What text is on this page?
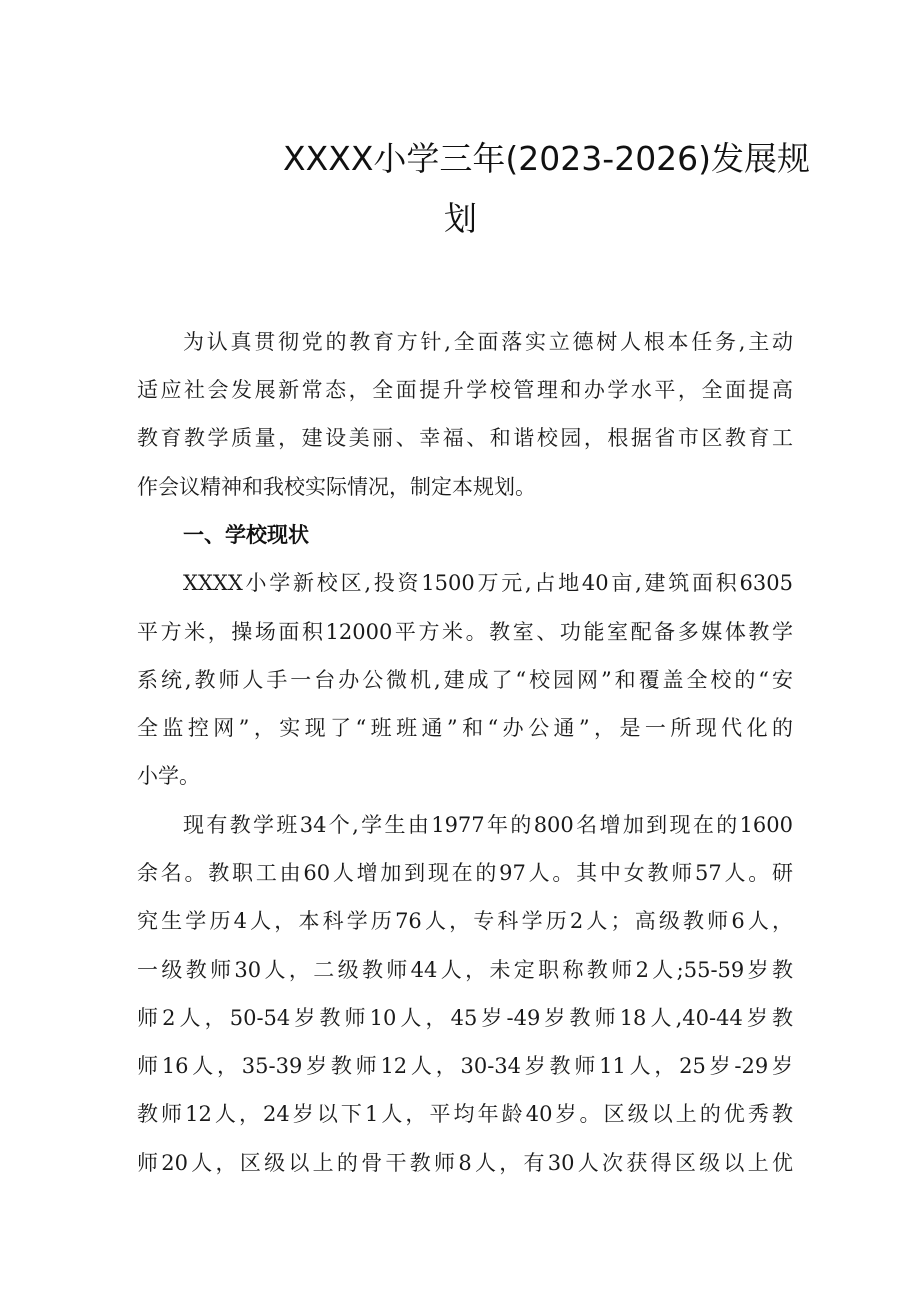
XXXX小学三年(2023-2026)发展规
划
为认真贯彻党的教育方针,全面落实立德树人根本任务,主动
适应社会发展新常态，全面提升学校管理和办学水平，全面提高
教育教学质量，建设美丽、幸福、和谐校园，根据省市区教育工
作会议精神和我校实际情况，制定本规划。
一、学校现状
XXXX小学新校区,投资1500万元,占地40亩,建筑面积6305
平方米，操场面积12000平方米。教室、功能室配备多媒体教学
系统,教师人手一台办公微机,建成了“校园网”和覆盖全校的“安
全监控网”，实现了“班班通”和“办公通”，是一所现代化的
小学。
现有教学班34个,学生由1977年的800名增加到现在的1600
余名。教职工由60人增加到现在的97人。其中女教师57人。研
究生学历4人，本科学历76人，专科学历2人；高级教师6人，
一级教师30人，二级教师44人，未定职称教师2人;55-59岁教
师2人，50-54岁教师10人，45岁-49岁教师18人,40-44岁教
师16人，35-39岁教师12人，30-34岁教师11人，25岁-29岁
教师12人，24岁以下1人，平均年龄40岁。区级以上的优秀教
师20人，区级以上的骨干教师8人，有30人次获得区级以上优
